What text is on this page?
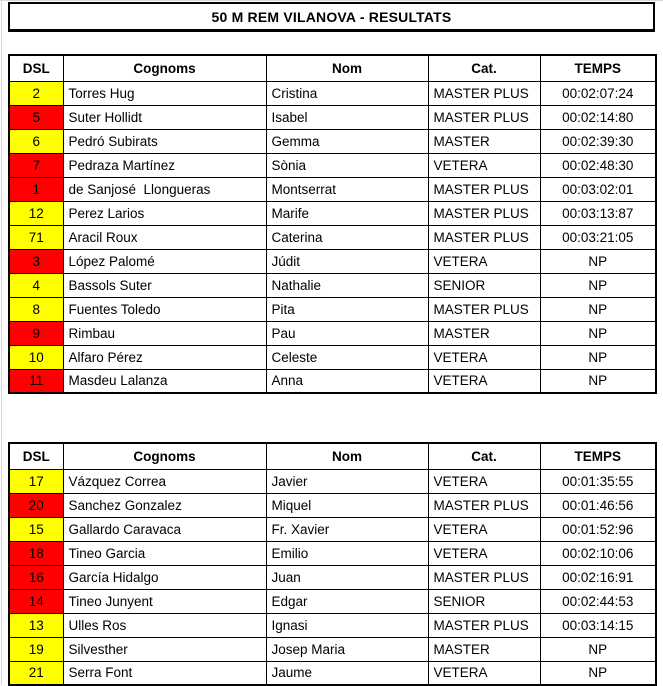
50 M REM VILANOVA - RESULTATS
DSL	Cognoms	Nom	Cat.	TEMPS
2	Torres Hug	Cristina	MASTER PLUS	00:02:07:24
5	Suter Hollidt	Isabel	MASTER PLUS	00:02:14:80
6	Pedró Subirats	Gemma	MASTER	00:02:39:30
7	Pedraza Martínez	Sònia	VETERA	00:02:48:30
1	de Sanjosé  Llongueras	Montserrat	MASTER PLUS	00:03:02:01
12	Perez Larios	Marife	MASTER PLUS	00:03:13:87
71	Aracil Roux	Caterina	MASTER PLUS	00:03:21:05
3	López Palomé	Júdit	VETERA	NP
4	Bassols Suter	Nathalie	SENIOR	NP
8	Fuentes Toledo	Pita	MASTER PLUS	NP
9	Rimbau	Pau	MASTER	NP
10	Alfaro Pérez	Celeste	VETERA	NP
11	Masdeu Lalanza	Anna	VETERA	NP
DSL	Cognoms	Nom	Cat.	TEMPS
17	Vázquez Correa	Javier	VETERA	00:01:35:55
20	Sanchez Gonzalez	Miquel	MASTER PLUS	00:01:46:56
15	Gallardo Caravaca	Fr. Xavier	VETERA	00:01:52:96
18	Tineo Garcia	Emilio	VETERA	00:02:10:06
16	García Hidalgo	Juan	MASTER PLUS	00:02:16:91
14	Tineo Junyent	Edgar	SENIOR	00:02:44:53
13	Ulles Ros	Ignasi	MASTER PLUS	00:03:14:15
19	Silvesther	Josep Maria	MASTER	NP
21	Serra Font	Jaume	VETERA	NP
